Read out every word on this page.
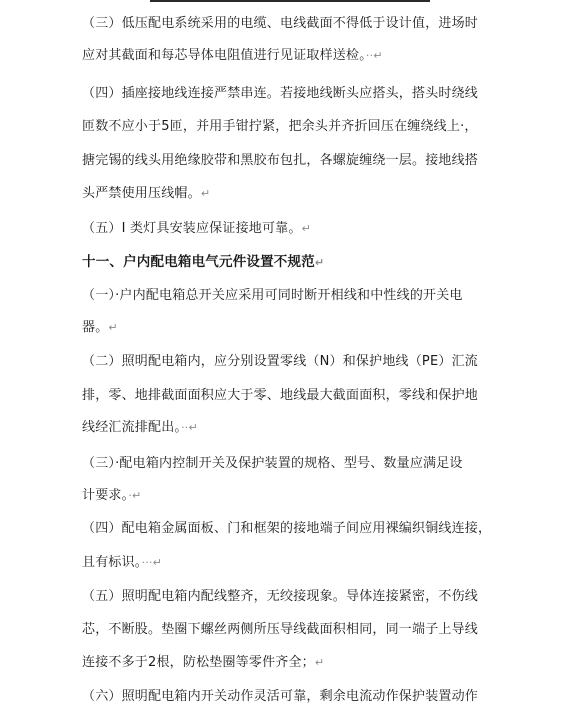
（三）低压配电系统采用的电缆、电线截面不得低于设计值，进场时
应对其截面和每芯导体电阻值进行见证取样送检。··↵
（四）插座接地线连接严禁串连。若接地线断头应搭头，搭头时绕线
匝数不应小于5匝，并用手钳拧紧，把余头并齐折回压在缠绕线上·，
搪完锡的线头用绝缘胶带和黑胶布包扎，各螺旋缠绕一层。接地线搭
头严禁使用压线帽。↵
（五）I 类灯具安装应保证接地可靠。↵
十一、户内配电箱电气元件设置不规范↵
（一）·户内配电箱总开关应采用可同时断开相线和中性线的开关电
器。↵
（二）照明配电箱内，应分别设置零线（N）和保护地线（PE）汇流
排，零、地排截面面积应大于零、地线最大截面面积，零线和保护地
线经汇流排配出。··↵
（三）·配电箱内控制开关及保护装置的规格、型号、数量应满足设
计要求。·↵
（四）配电箱金属面板、门和框架的接地端子间应用裸编织铜线连接，
且有标识。···↵
（五）照明配电箱内配线整齐，无绞接现象。导体连接紧密，不伤线
芯，不断股。垫圈下螺丝两侧所压导线截面积相同，同一端子上导线
连接不多于2根，防松垫圈等零件齐全；↵
（六）照明配电箱内开关动作灵活可靠，剩余电流动作保护装置动作
